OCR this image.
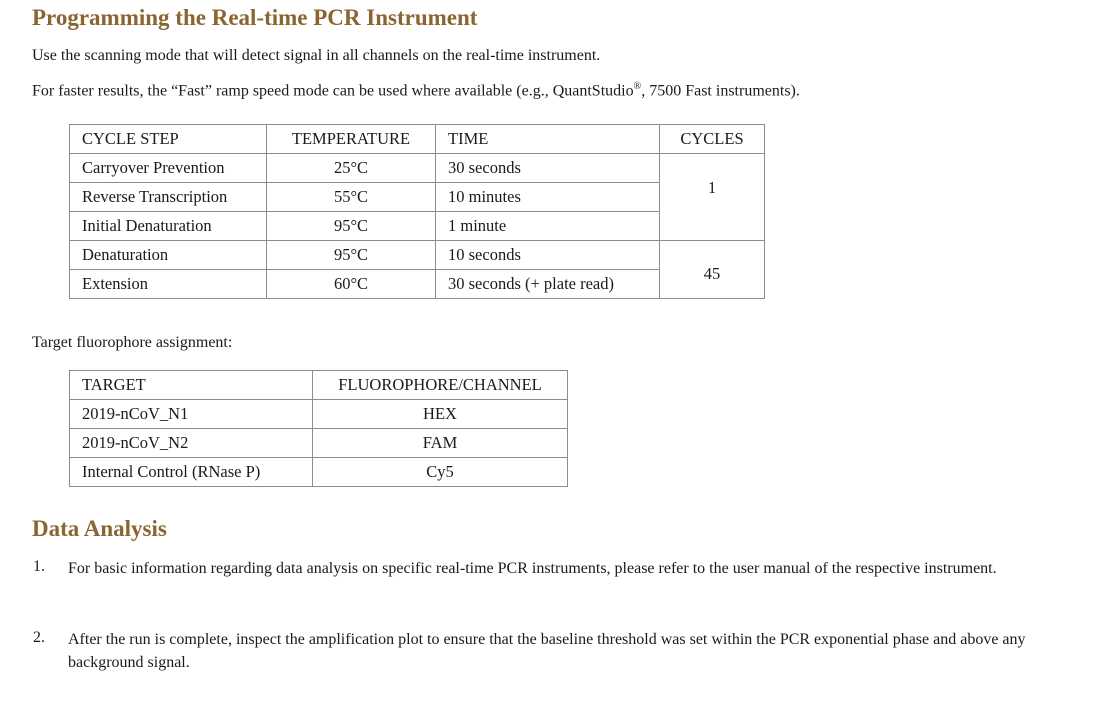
Programming the Real-time PCR Instrument

Use the scanning mode that will detect signal in all channels on the real-time instrument.

For faster results, the “Fast” ramp speed mode can be used where available (e.g., QuantStudio®, 7500 Fast instruments).

CYCLE STEP	TEMPERATURE	TIME	CYCLES
Carryover Prevention	25°C	30 seconds	1
Reverse Transcription	55°C	10 minutes	
Initial Denaturation	95°C	1 minute	
Denaturation	95°C	10 seconds	45
Extension	60°C	30 seconds (+ plate read)	

Target fluorophore assignment:

TARGET	FLUOROPHORE/CHANNEL
2019-nCoV_N1	HEX
2019-nCoV_N2	FAM
Internal Control (RNase P)	Cy5
Data Analysis

1. For basic information regarding data analysis on specific real-time PCR instruments, please refer to the user manual of the respective instrument.

2. After the run is complete, inspect the amplification plot to ensure that the baseline threshold was set within the PCR exponential phase and above any background signal.
